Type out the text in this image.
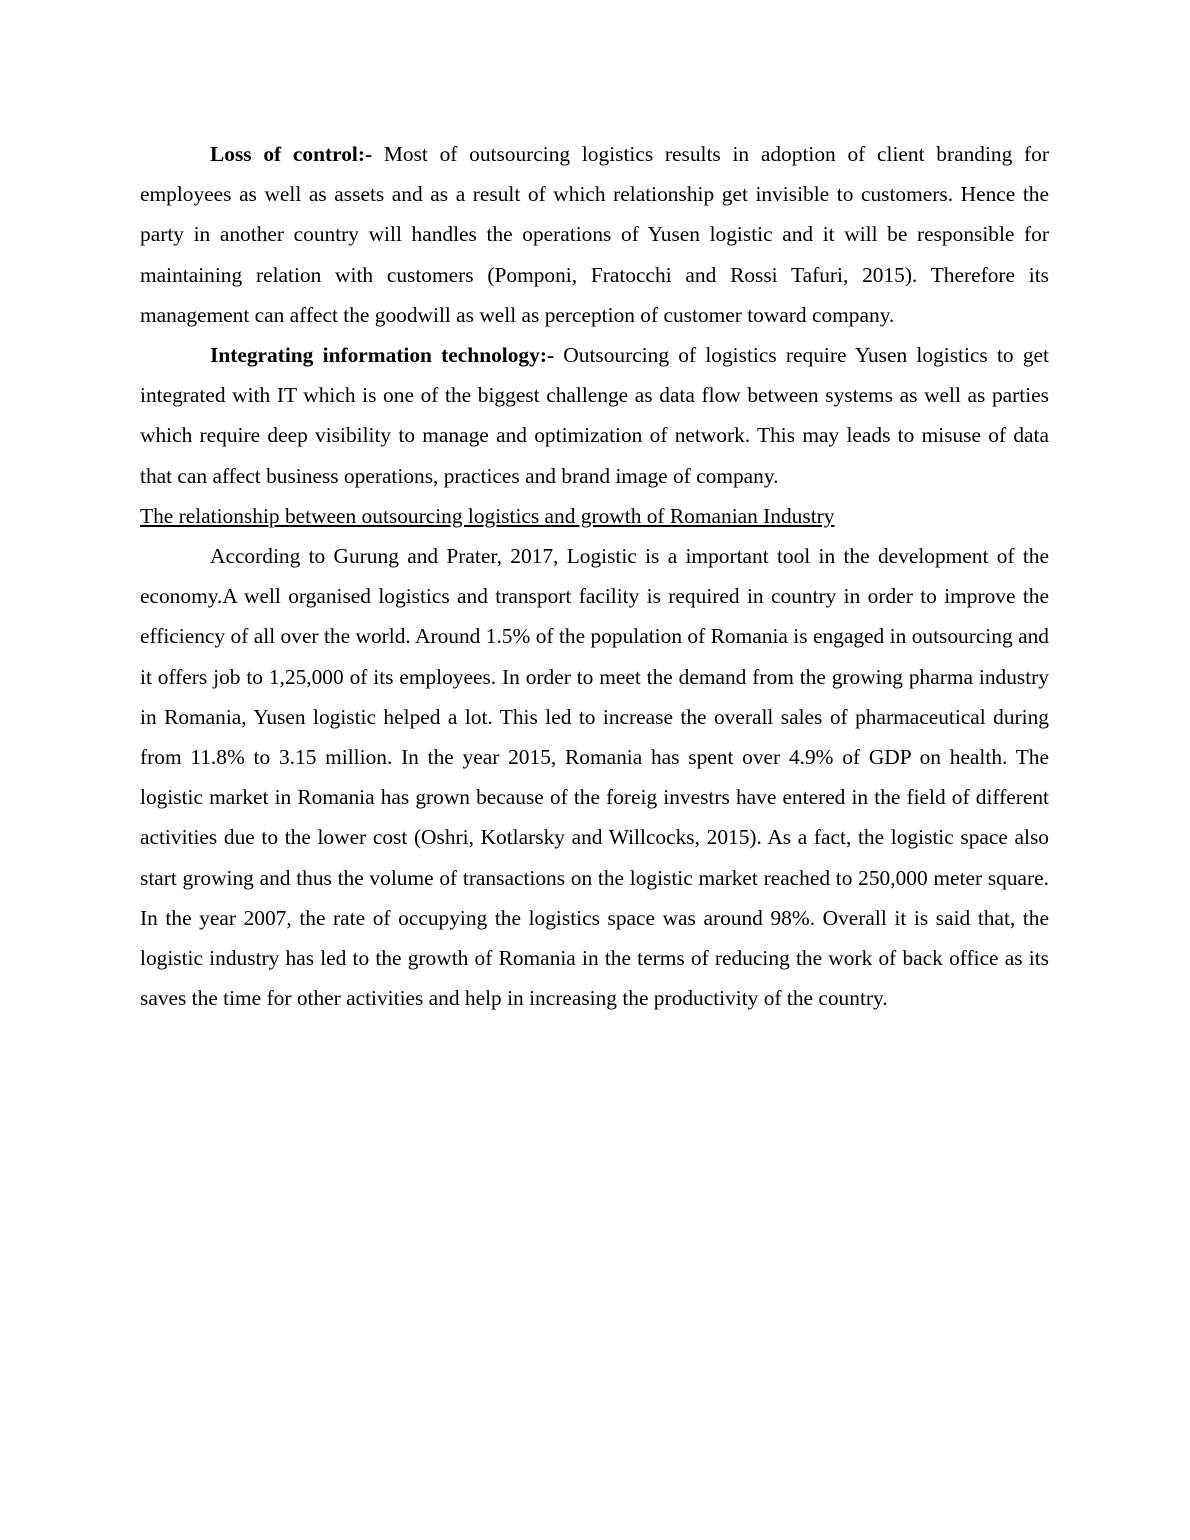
Loss of control:- Most of outsourcing logistics results in adoption of client branding for employees as well as assets and as a result of which relationship get invisible to customers. Hence the party in another country will handles the operations of Yusen logistic and it will be responsible for maintaining relation with customers (Pomponi, Fratocchi and Rossi Tafuri, 2015). Therefore its management can affect the goodwill as well as perception of customer toward company.

Integrating information technology:- Outsourcing of logistics require Yusen logistics to get integrated with IT which is one of the biggest challenge as data flow between systems as well as parties which require deep visibility to manage and optimization of network. This may leads to misuse of data that can affect business operations, practices and brand image of company.

The relationship between outsourcing logistics and growth of Romanian Industry

According to Gurung and Prater, 2017, Logistic is a important tool in the development of the economy.A well organised logistics and transport facility is required in country in order to improve the efficiency of all over the world. Around 1.5% of the population of Romania is engaged in outsourcing and it offers job to 1,25,000 of its employees. In order to meet the demand from the growing pharma industry in Romania, Yusen logistic helped a lot. This led to increase the overall sales of pharmaceutical during from 11.8% to 3.15 million. In the year 2015, Romania has spent over 4.9% of GDP on health. The logistic market in Romania has grown because of the foreig investrs have entered in the field of different activities due to the lower cost (Oshri, Kotlarsky and Willcocks, 2015). As a fact, the logistic space also start growing and thus the volume of transactions on the logistic market reached to 250,000 meter square. In the year 2007, the rate of occupying the logistics space was around 98%. Overall it is said that, the logistic industry has led to the growth of Romania in the terms of reducing the work of back office as its saves the time for other activities and help in increasing the productivity of the country.
